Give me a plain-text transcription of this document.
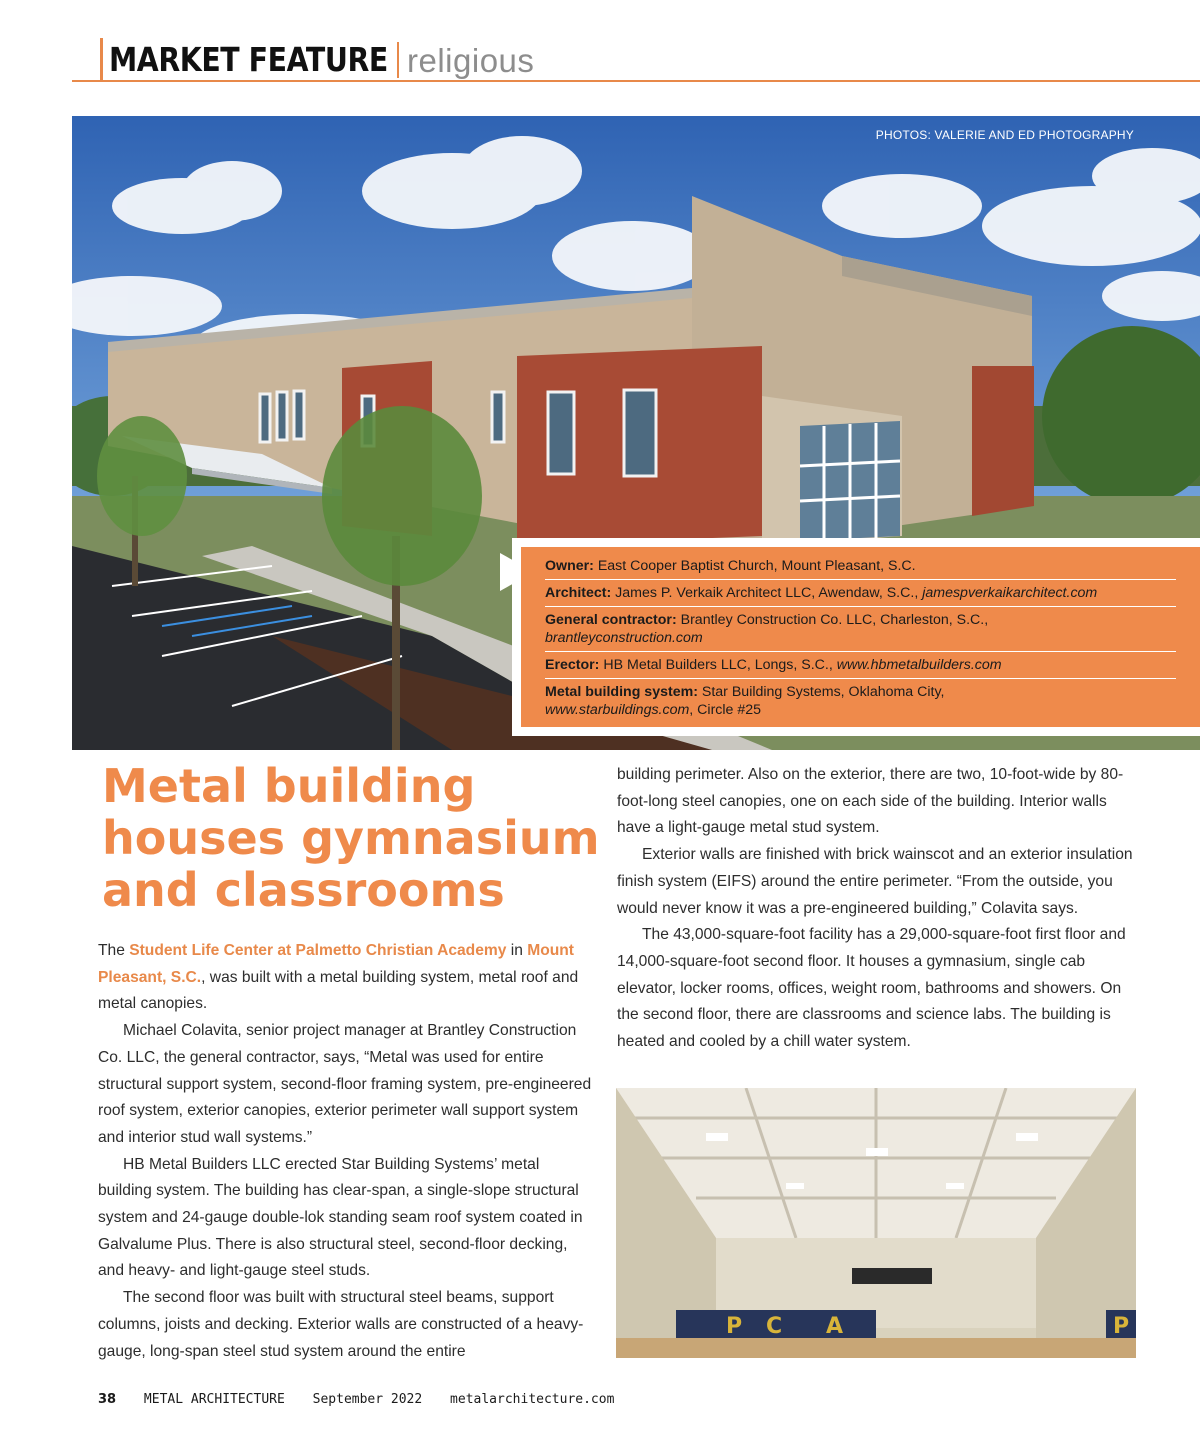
MARKET FEATURE religious
PHOTOS: VALERIE AND ED PHOTOGRAPHY
Owner: East Cooper Baptist Church, Mount Pleasant, S.C.
Architect: James P. Verkaik Architect LLC, Awendaw, S.C., jamespverkaikarchitect.com
General contractor: Brantley Construction Co. LLC, Charleston, S.C.,
brantleyconstruction.com
Erector: HB Metal Builders LLC, Longs, S.C., www.hbmetalbuilders.com
Metal building system: Star Building Systems, Oklahoma City,
www.starbuildings.com, Circle #25
Metal building
houses gymnasium
and classrooms

The Student Life Center at Palmetto Christian Academy in Mount Pleasant, S.C., was built with a metal building system, metal roof and metal canopies.

Michael Colavita, senior project manager at Brantley Construction Co. LLC, the general contractor, says, “Metal was used for entire structural support system, second-floor framing system, pre-engineered roof system, exterior canopies, exterior perimeter wall support system and interior stud wall systems.”

HB Metal Builders LLC erected Star Building Systems’ metal building system. The building has clear-span, a single-slope structural system and 24-gauge double-lok standing seam roof system coated in Galvalume Plus. There is also structural steel, second-floor decking, and heavy- and light-gauge steel studs.

The second floor was built with structural steel beams, support columns, joists and decking. Exterior walls are constructed of a heavy-gauge, long-span steel stud system around the entire

building perimeter. Also on the exterior, there are two, 10-foot-wide by 80-foot-long steel canopies, one on each side of the building. Interior walls have a light-gauge metal stud system.

Exterior walls are finished with brick wainscot and an exterior insulation finish system (EIFS) around the entire perimeter. “From the outside, you would never know it was a pre-engineered building,” Colavita says.

The 43,000-square-foot facility has a 29,000-square-foot first floor and 14,000-square-foot second floor. It houses a gymnasium, single cab elevator, locker rooms, offices, weight room, bathrooms and showers. On the second floor, there are classrooms and science labs. The building is heated and cooled by a chill water system.

P C A	P
38 METAL ARCHITECTURE September 2022 metalarchitecture.com
